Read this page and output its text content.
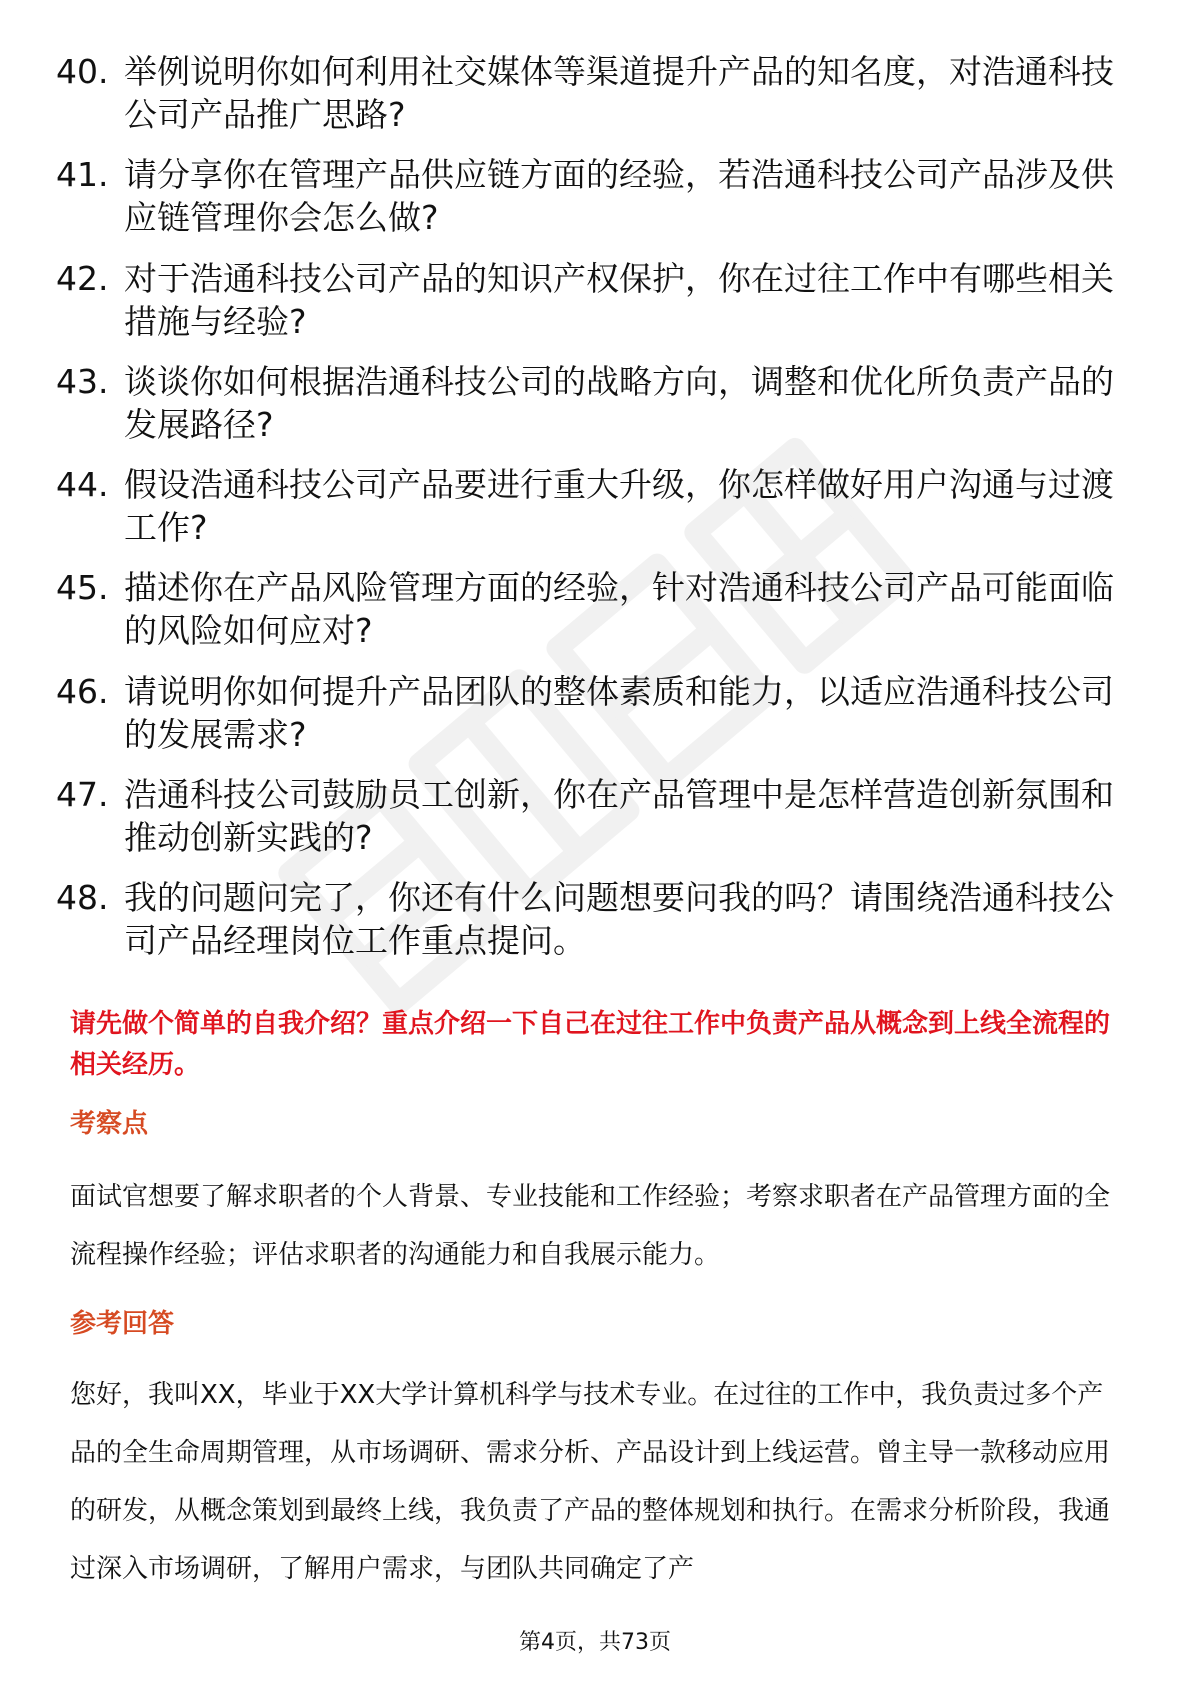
40. 举例说明你如何利用社交媒体等渠道提升产品的知名度，对浩通科技公司产品推广思路?
41. 请分享你在管理产品供应链方面的经验，若浩通科技公司产品涉及供应链管理你会怎么做?
42. 对于浩通科技公司产品的知识产权保护，你在过往工作中有哪些相关措施与经验?
43. 谈谈你如何根据浩通科技公司的战略方向，调整和优化所负责产品的发展路径?
44. 假设浩通科技公司产品要进行重大升级，你怎样做好用户沟通与过渡工作?
45. 描述你在产品风险管理方面的经验，针对浩通科技公司产品可能面临的风险如何应对?
46. 请说明你如何提升产品团队的整体素质和能力，以适应浩通科技公司的发展需求?
47. 浩通科技公司鼓励员工创新，你在产品管理中是怎样营造创新氛围和推动创新实践的?
48. 我的问题问完了，你还有什么问题想要问我的吗？请围绕浩通科技公司产品经理岗位工作重点提问。

请先做个简单的自我介绍？重点介绍一下自己在过往工作中负责产品从概念到上线全流程的相关经历。

考察点

面试官想要了解求职者的个人背景、专业技能和工作经验；考察求职者在产品管理方面的全流程操作经验；评估求职者的沟通能力和自我展示能力。

参考回答

您好，我叫XX，毕业于XX大学计算机科学与技术专业。在过往的工作中，我负责过多个产品的全生命周期管理，从市场调研、需求分析、产品设计到上线运营。曾主导一款移动应用的研发，从概念策划到最终上线，我负责了产品的整体规划和执行。在需求分析阶段，我通过深入市场调研，了解用户需求，与团队共同确定了产

第4页，共73页
